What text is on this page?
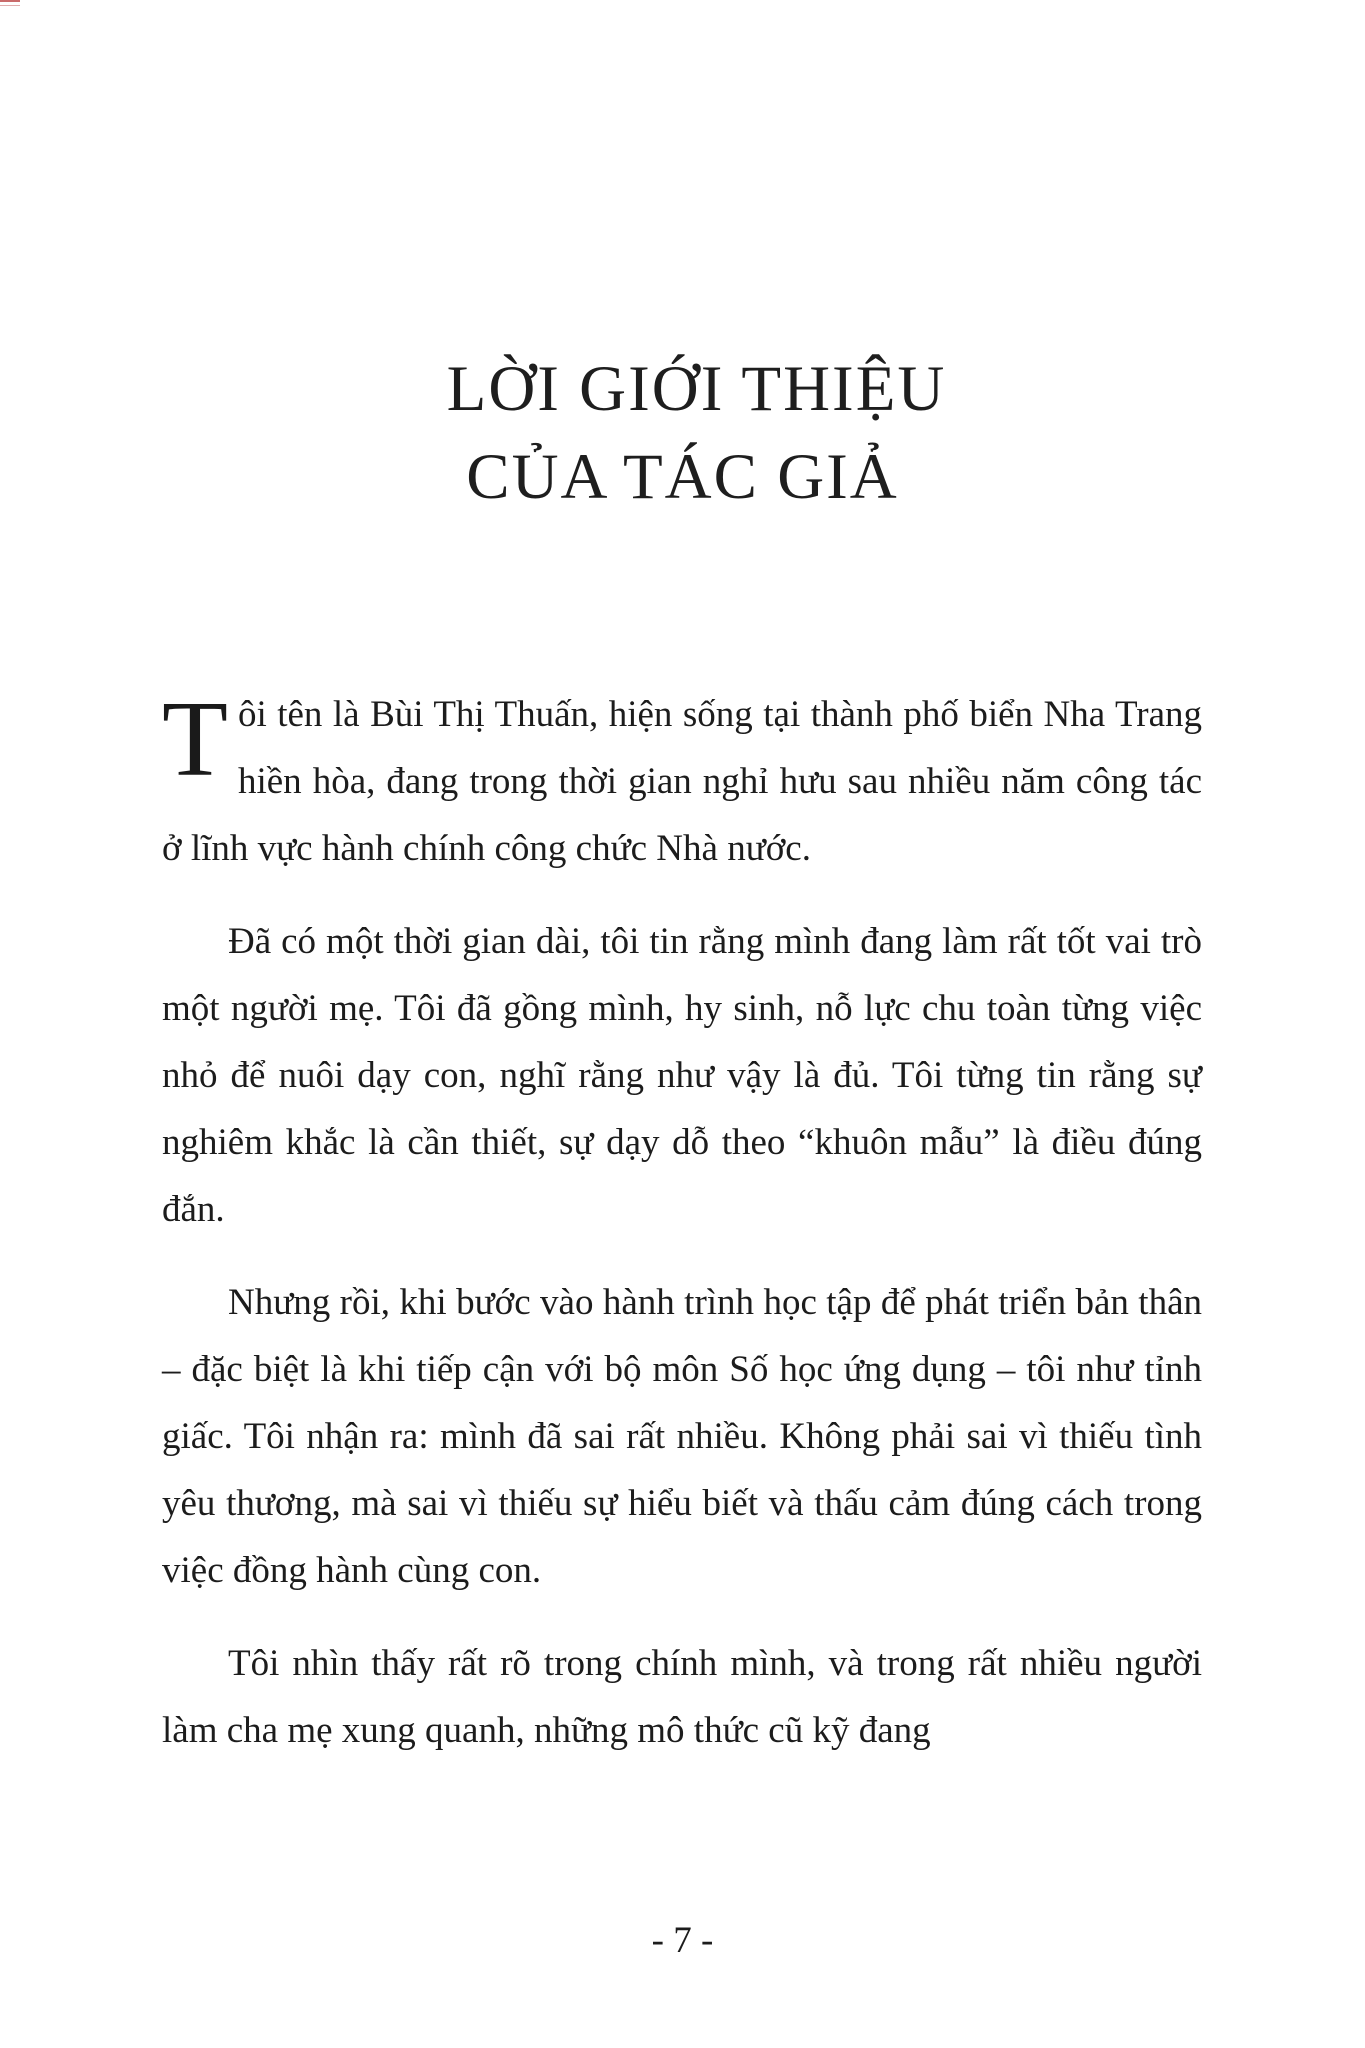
LỜI GIỚI THIỆU
CỦA TÁC GIẢ

Tôi tên là Bùi Thị Thuấn, hiện sống tại thành phố biển Nha Trang hiền hòa, đang trong thời gian nghỉ hưu sau nhiều năm công tác ở lĩnh vực hành chính công chức Nhà nước.

Đã có một thời gian dài, tôi tin rằng mình đang làm rất tốt vai trò một người mẹ. Tôi đã gồng mình, hy sinh, nỗ lực chu toàn từng việc nhỏ để nuôi dạy con, nghĩ rằng như vậy là đủ. Tôi từng tin rằng sự nghiêm khắc là cần thiết, sự dạy dỗ theo “khuôn mẫu” là điều đúng đắn.

Nhưng rồi, khi bước vào hành trình học tập để phát triển bản thân – đặc biệt là khi tiếp cận với bộ môn Số học ứng dụng – tôi như tỉnh giấc. Tôi nhận ra: mình đã sai rất nhiều. Không phải sai vì thiếu tình yêu thương, mà sai vì thiếu sự hiểu biết và thấu cảm đúng cách trong việc đồng hành cùng con.

Tôi nhìn thấy rất rõ trong chính mình, và trong rất nhiều người làm cha mẹ xung quanh, những mô thức cũ kỹ đang

- 7 -
